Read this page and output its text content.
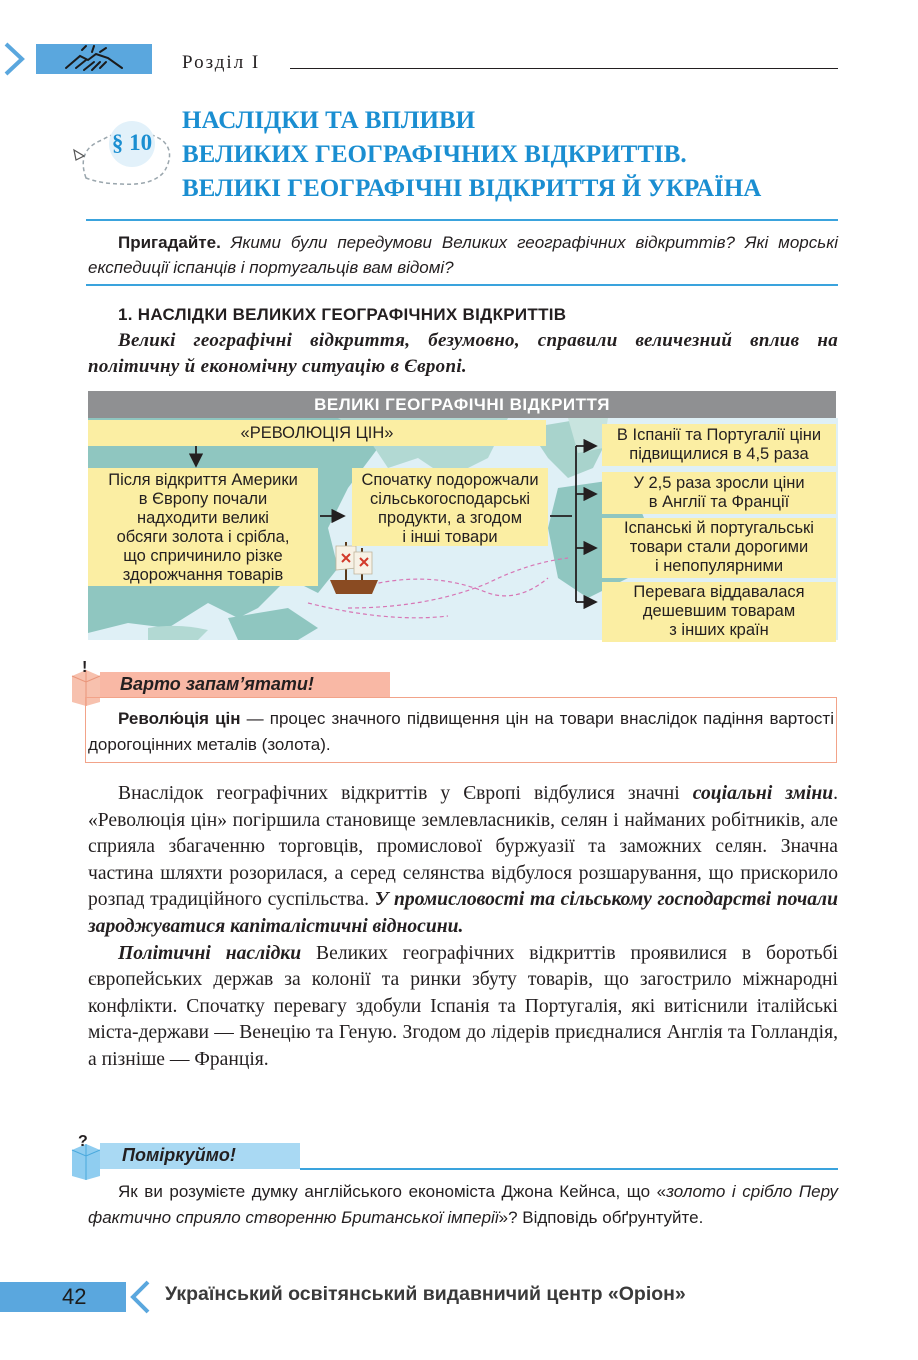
Розділ I
§ 10
НАСЛІДКИ ТА ВПЛИВИ
ВЕЛИКИХ ГЕОГРАФІЧНИХ ВІДКРИТТІВ.
ВЕЛИКІ ГЕОГРАФІЧНІ ВІДКРИТТЯ Й УКРАЇНА
Пригадайте. Якими були передумови Великих географічних відкриттів? Які морські експедиції іспанців і португальців вам відомі?
1. НАСЛІДКИ ВЕЛИКИХ ГЕОГРАФІЧНИХ ВІДКРИТТІВ
Великі географічні відкриття, безумовно, справили величезний вплив на політичну й економічну ситуацію в Європі.
ВЕЛИКІ ГЕОГРАФІЧНІ ВІДКРИТТЯ
«РЕВОЛЮЦІЯ ЦІН»
Після відкриття Америки
в Європу почали
надходити великі
обсяги золота і срібла,
що спричинило різке
здорожчання товарів
Спочатку подорожчали
сільськогосподарські
продукти, а згодом
і інші товари
В Іспанії та Португалії ціни
підвищилися в 4,5 раза
У 2,5 раза зросли ціни
в Англії та Франції
Іспанські й португальські
товари стали дорогими
і непопулярними
Перевага віддавалася
дешевшим товарам
з інших країн
!
Варто запам’ятати!
Револю́ція цін — процес значного підвищення цін на товари внаслідок падіння вартості дорогоцінних металів (золота).

Внаслідок географічних відкриттів у Європі відбулися значні соціальні зміни. «Революція цін» погіршила становище землевласників, селян і найманих робітників, але сприяла збагаченню торговців, промислової буржуазії та заможних селян. Значна частина шляхти розорилася, а серед селянства відбулося розшарування, що прискорило розпад традиційного суспільства. У промисловості та сільському господарстві почали зароджуватися капіталістичні відносини.

Політичні наслідки Великих географічних відкриттів проявилися в боротьбі європейських держав за колонії та ринки збуту товарів, що загострило міжнародні конфлікти. Спочатку перевагу здобули Іспанія та Португалія, які витіснили італійські міста-держави — Венецію та Геную. Згодом до лідерів приєдналися Англія та Голландія, а пізніше — Франція.

?
Поміркуймо!
Як ви розумієте думку англійського економіста Джона Кейнса, що «золото і срібло Перу фактично сприяло створенню Британської імперії»? Відповідь обґрунтуйте.
42	Український освітянський видавничий центр «Оріон»
